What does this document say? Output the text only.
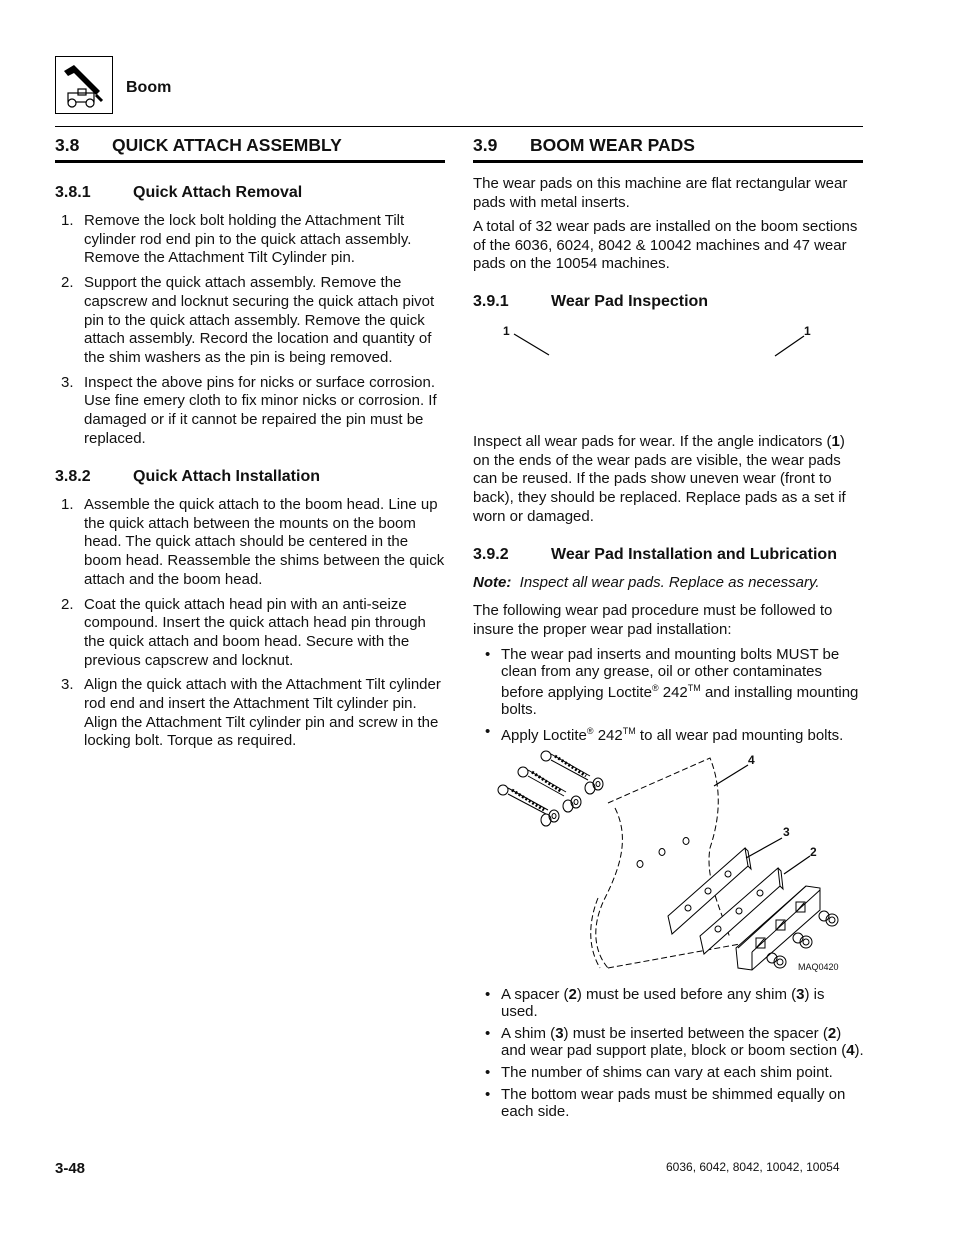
Boom
3.8 QUICK ATTACH ASSEMBLY
3.8.1	Quick Attach Removal
1. Remove the lock bolt holding the Attachment Tilt cylinder rod end pin to the quick attach assembly. Remove the Attachment Tilt Cylinder pin.
2. Support the quick attach assembly. Remove the capscrew and locknut securing the quick attach pivot pin to the quick attach assembly. Remove the quick attach assembly. Record the location and quantity of the shim washers as the pin is being removed.
3. Inspect the above pins for nicks or surface corrosion. Use fine emery cloth to fix minor nicks or corrosion. If damaged or if it cannot be repaired the pin must be replaced.
3.8.2	Quick Attach Installation
1. Assemble the quick attach to the boom head. Line up the quick attach between the mounts on the boom head. The quick attach should be centered in the boom head. Reassemble the shims between the quick attach and the boom head.
2. Coat the quick attach head pin with an anti-seize compound. Insert the quick attach head pin through the quick attach and boom head. Secure with the previous capscrew and locknut.
3. Align the quick attach with the Attachment Tilt cylinder rod end and insert the Attachment Tilt cylinder pin. Align the Attachment Tilt cylinder pin and screw in the locking bolt. Torque as required.
3.9 BOOM WEAR PADS
The wear pads on this machine are flat rectangular wear pads with metal inserts.
A total of 32 wear pads are installed on the boom sections of the 6036, 6024, 8042 & 10042 machines and 47 wear pads on the 10054 machines.
3.9.1	Wear Pad Inspection
1	1
Inspect all wear pads for wear. If the angle indicators (1) on the ends of the wear pads are visible, the wear pads can be reused. If the pads show uneven wear (front to back), they should be replaced. Replace pads as a set if worn or damaged.
3.9.2	Wear Pad Installation and Lubrication
Note: Inspect all wear pads. Replace as necessary.
The following wear pad procedure must be followed to insure the proper wear pad installation:
• The wear pad inserts and mounting bolts MUST be clean from any grease, oil or other contaminates before applying Loctite® 242™ and installing mounting bolts.
• Apply Loctite® 242™ to all wear pad mounting bolts.
4
3
2
MAQ0420
• A spacer (2) must be used before any shim (3) is used.
• A shim (3) must be inserted between the spacer (2) and wear pad support plate, block or boom section (4).
• The number of shims can vary at each shim point.
• The bottom wear pads must be shimmed equally on each side.
3-48	6036, 6042, 8042, 10042, 10054
